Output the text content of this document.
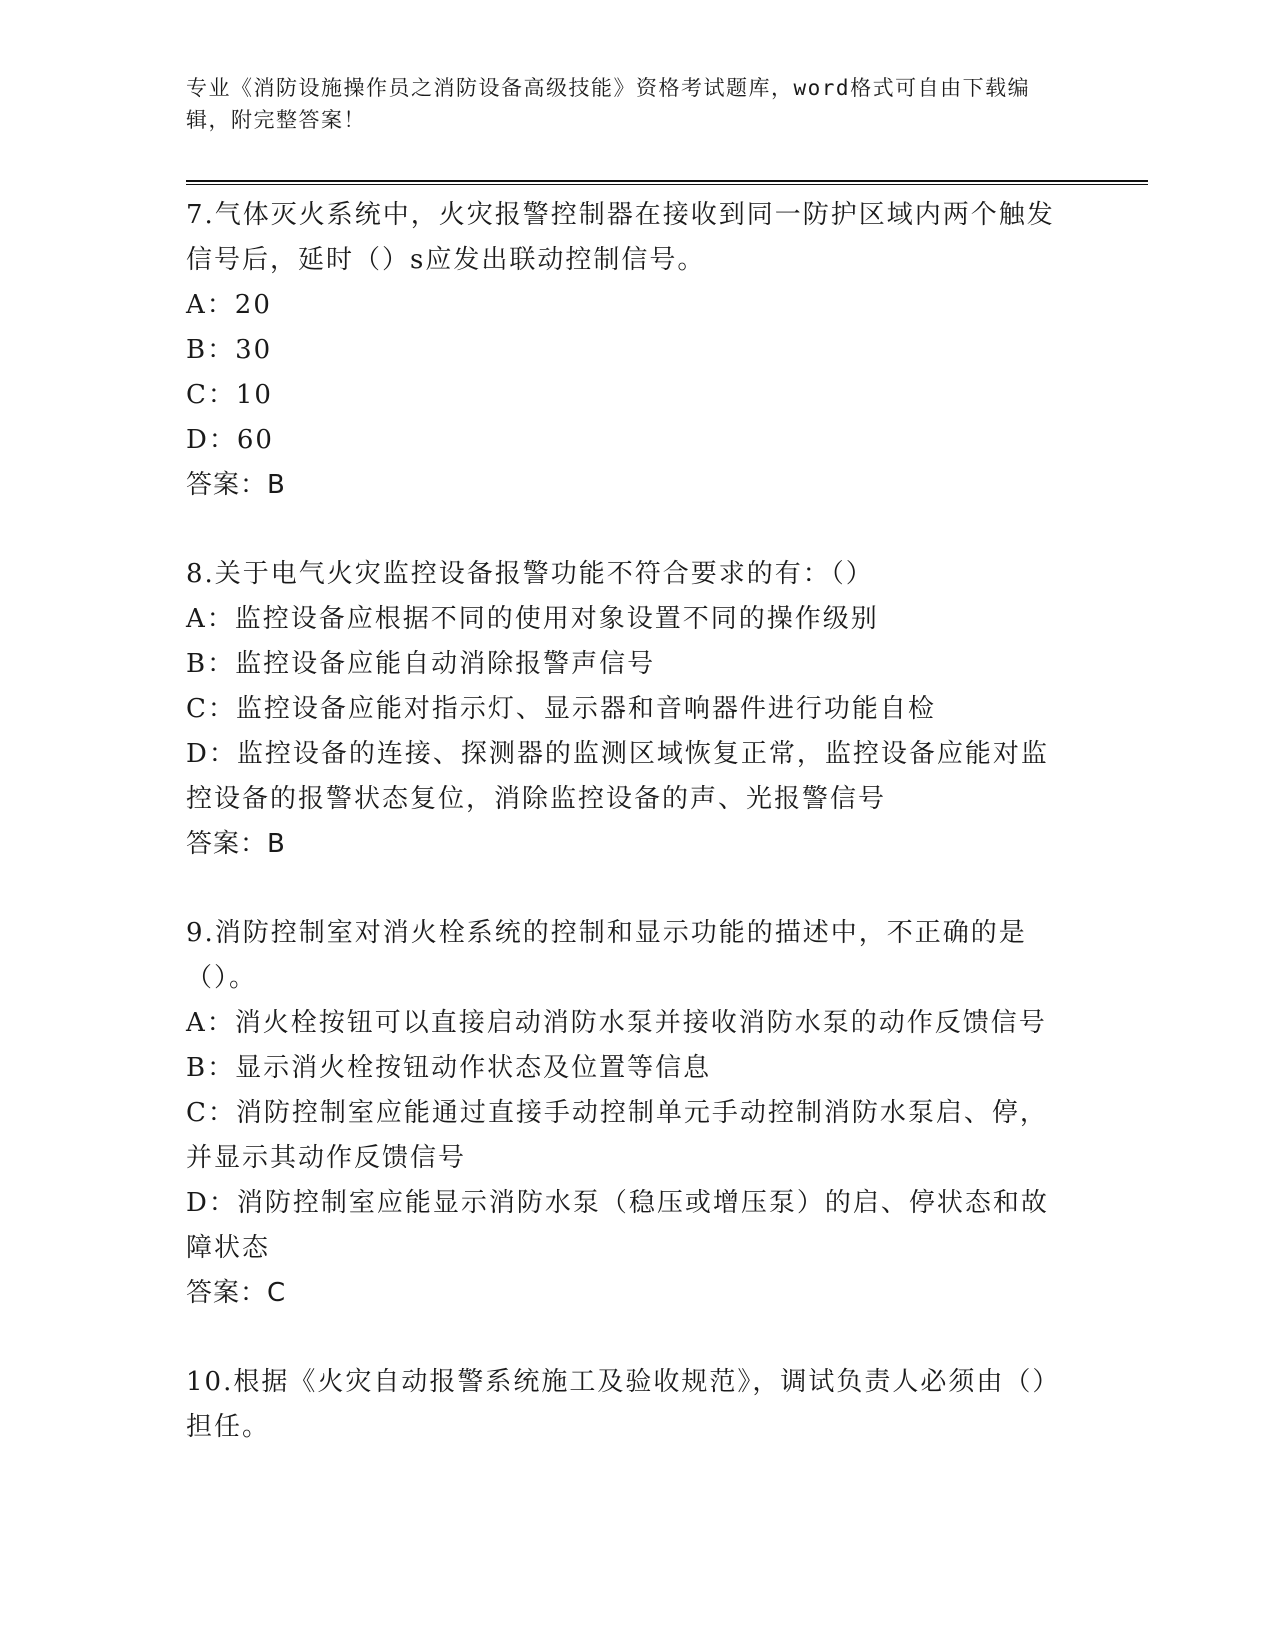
专业《消防设施操作员之消防设备高级技能》资格考试题库，word格式可自由下载编辑，附完整答案！

7.气体灭火系统中，火灾报警控制器在接收到同一防护区域内两个触发信号后，延时（）s应发出联动控制信号。

A：20

B：30

C：10

D：60

答案：B

8.关于电气火灾监控设备报警功能不符合要求的有：（）

A：监控设备应根据不同的使用对象设置不同的操作级别

B：监控设备应能自动消除报警声信号

C：监控设备应能对指示灯、显示器和音响器件进行功能自检

D：监控设备的连接、探测器的监测区域恢复正常，监控设备应能对监控设备的报警状态复位，消除监控设备的声、光报警信号

答案：B

9.消防控制室对消火栓系统的控制和显示功能的描述中，不正确的是（）。

A：消火栓按钮可以直接启动消防水泵并接收消防水泵的动作反馈信号

B：显示消火栓按钮动作状态及位置等信息

C：消防控制室应能通过直接手动控制单元手动控制消防水泵启、停，并显示其动作反馈信号

D：消防控制室应能显示消防水泵（稳压或增压泵）的启、停状态和故障状态

答案：C

10.根据《火灾自动报警系统施工及验收规范》，调试负责人必须由（）担任。
